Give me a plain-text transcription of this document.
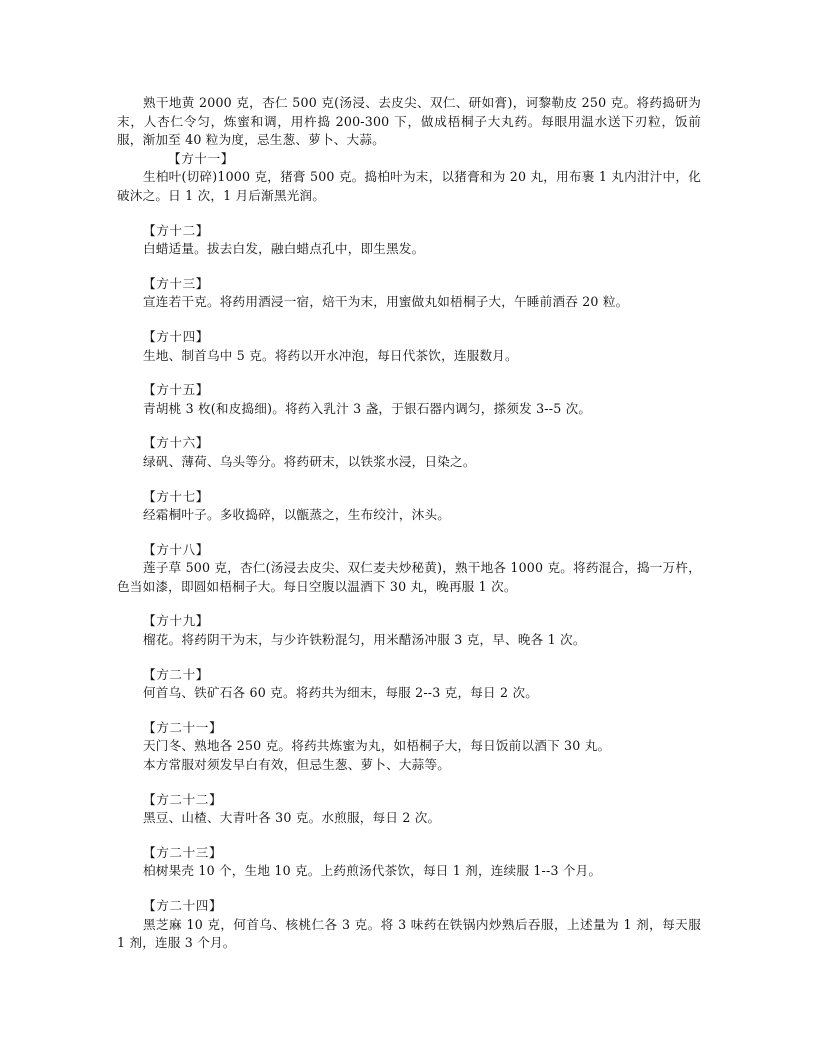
熟干地黄 2000 克，杏仁 500 克(汤浸、去皮尖、双仁、研如膏)，诃黎勒皮 250 克。将药捣研为末，人杏仁令匀，炼蜜和调，用杵捣 200-300 下，做成梧桐子大丸药。每眼用温水送下刃粒，饭前服，渐加至 40 粒为度，忌生葱、萝卜、大蒜。

【方十一】

生柏叶(切碎)1000 克，猪膏 500 克。捣柏叶为末，以猪膏和为 20 丸，用布裹 1 丸内泔汁中，化破沐之。日 1 次，1 月后渐黑光润。

【方十二】

白蜡适量。拔去白发，融白蜡点孔中，即生黑发。

【方十三】

宣连若干克。将药用酒浸一宿，焙干为末，用蜜做丸如梧桐子大，午睡前酒吞 20 粒。

【方十四】

生地、制首乌中 5 克。将药以开水冲泡，每日代茶饮，连服数月。

【方十五】

青胡桃 3 枚(和皮捣细)。将药入乳汁 3 盏，于银石器内调匀，搽须发 3--5 次。

【方十六】

绿矾、薄荷、乌头等分。将药研末，以铁浆水浸，日染之。

【方十七】

经霜桐叶子。多收捣碎，以甑蒸之，生布绞汁，沐头。

【方十八】

莲子草 500 克，杏仁(汤浸去皮尖、双仁麦夫炒秘黄)，熟干地各 1000 克。将药混合，捣一万杵，色当如漆，即圆如梧桐子大。每日空腹以温酒下 30 丸，晚再服 1 次。

【方十九】

榴花。将药阴干为末，与少许铁粉混匀，用米醋汤冲服 3 克，早、晚各 1 次。

【方二十】

何首乌、铁矿石各 60 克。将药共为细末，每服 2--3 克，每日 2 次。

【方二十一】

天门冬、熟地各 250 克。将药共炼蜜为丸，如梧桐子大，每日饭前以酒下 30 丸。

本方常服对须发早白有效，但忌生葱、萝卜、大蒜等。

【方二十二】

黑豆、山楂、大青叶各 30 克。水煎服，每日 2 次。

【方二十三】

柏树果壳 10 个，生地 10 克。上药煎汤代茶饮，每日 1 剂，连续服 1--3 个月。

【方二十四】

黑芝麻 10 克，何首乌、核桃仁各 3 克。将 3 味药在铁锅内炒熟后吞服，上述量为 1 剂，每天服 1 剂，连服 3 个月。
